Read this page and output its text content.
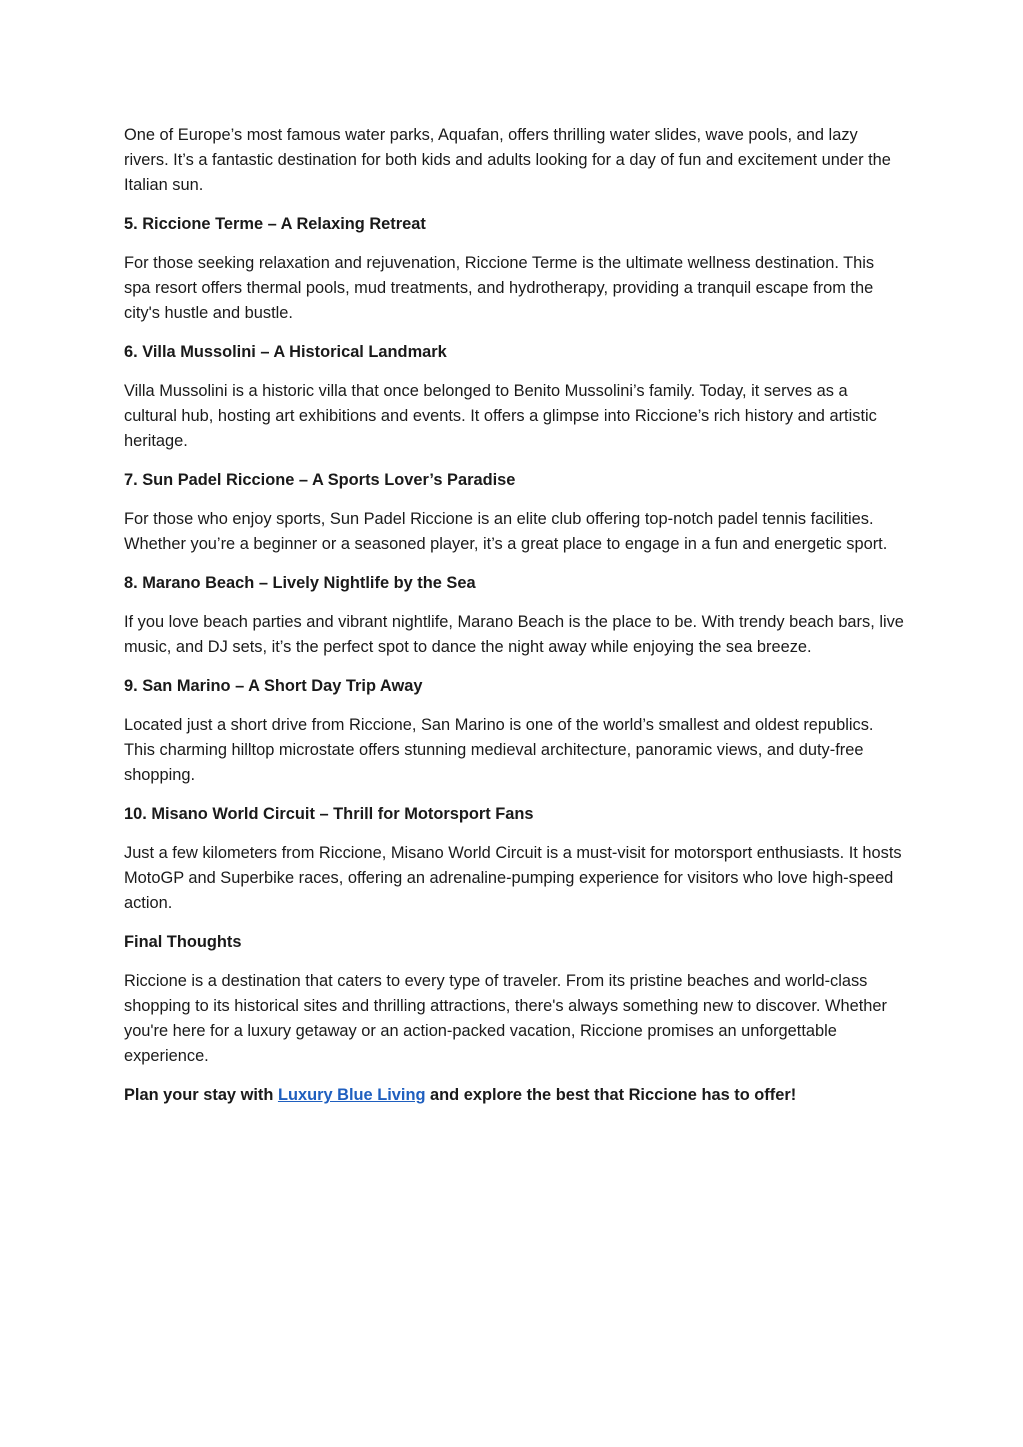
One of Europe’s most famous water parks, Aquafan, offers thrilling water slides, wave pools, and lazy rivers. It’s a fantastic destination for both kids and adults looking for a day of fun and excitement under the Italian sun.

5. Riccione Terme – A Relaxing Retreat

For those seeking relaxation and rejuvenation, Riccione Terme is the ultimate wellness destination. This spa resort offers thermal pools, mud treatments, and hydrotherapy, providing a tranquil escape from the city's hustle and bustle.

6. Villa Mussolini – A Historical Landmark

Villa Mussolini is a historic villa that once belonged to Benito Mussolini’s family. Today, it serves as a cultural hub, hosting art exhibitions and events. It offers a glimpse into Riccione’s rich history and artistic heritage.

7. Sun Padel Riccione – A Sports Lover’s Paradise

For those who enjoy sports, Sun Padel Riccione is an elite club offering top-notch padel tennis facilities. Whether you’re a beginner or a seasoned player, it’s a great place to engage in a fun and energetic sport.

8. Marano Beach – Lively Nightlife by the Sea

If you love beach parties and vibrant nightlife, Marano Beach is the place to be. With trendy beach bars, live music, and DJ sets, it’s the perfect spot to dance the night away while enjoying the sea breeze.

9. San Marino – A Short Day Trip Away

Located just a short drive from Riccione, San Marino is one of the world’s smallest and oldest republics. This charming hilltop microstate offers stunning medieval architecture, panoramic views, and duty-free shopping.

10. Misano World Circuit – Thrill for Motorsport Fans

Just a few kilometers from Riccione, Misano World Circuit is a must-visit for motorsport enthusiasts. It hosts MotoGP and Superbike races, offering an adrenaline-pumping experience for visitors who love high-speed action.

Final Thoughts

Riccione is a destination that caters to every type of traveler. From its pristine beaches and world-class shopping to its historical sites and thrilling attractions, there's always something new to discover. Whether you're here for a luxury getaway or an action-packed vacation, Riccione promises an unforgettable experience.

Plan your stay with Luxury Blue Living and explore the best that Riccione has to offer!
